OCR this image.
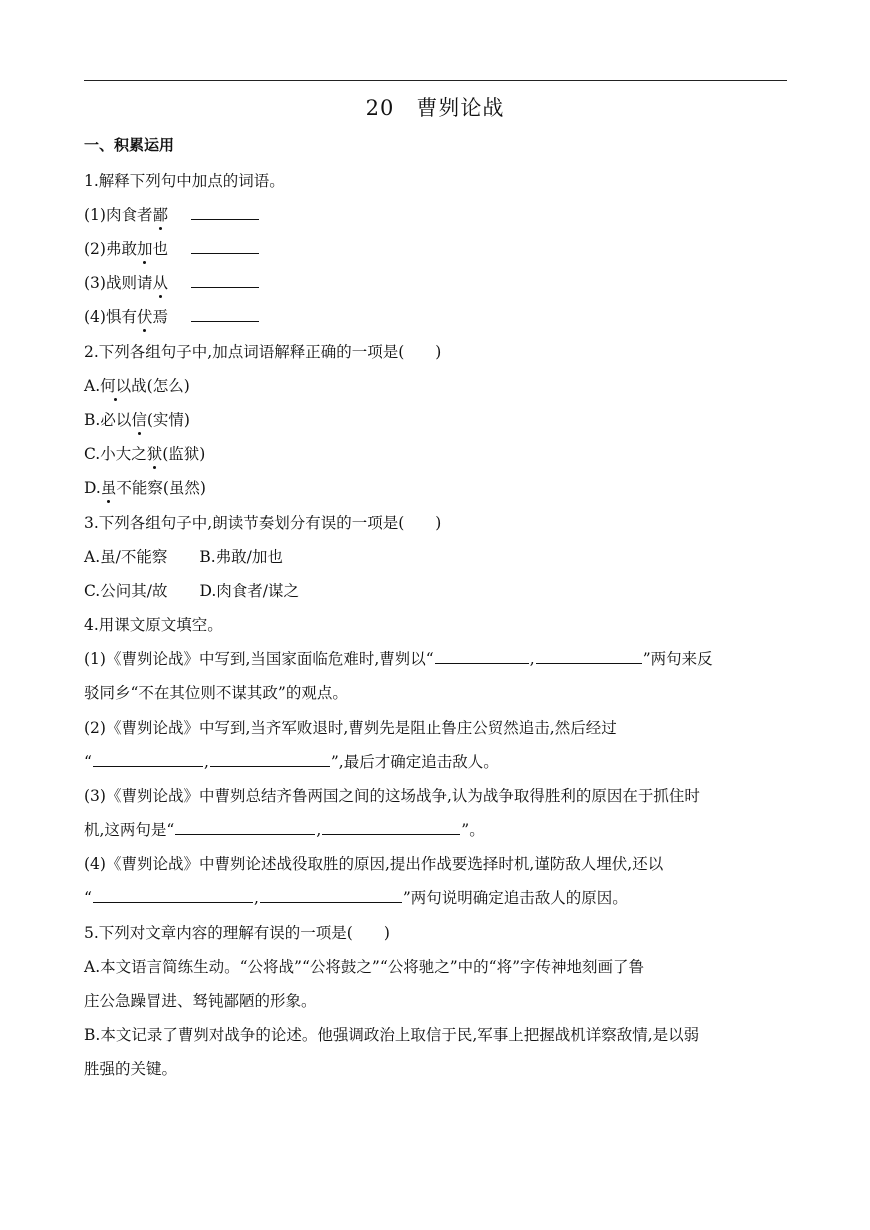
20　曹刿论战
一、积累运用
1.解释下列句中加点的词语。
(1)肉食者鄙
(2)弗敢加也
(3)战则请从
(4)惧有伏焉
2.下列各组句子中,加点词语解释正确的一项是(　　)
A.何以战(怎么)
B.必以信(实情)
C.小大之狱(监狱)
D.虽不能察(虽然)
3.下列各组句子中,朗读节奏划分有误的一项是(　　)
A.虽/不能察 B.弗敢/加也
C.公问其/故 D.肉食者/谋之
4.用课文原文填空。
(1)《曹刿论战》中写到,当国家面临危难时,曹刿以“	,	”两句来反
驳同乡“不在其位则不谋其政”的观点。
(2)《曹刿论战》中写到,当齐军败退时,曹刿先是阻止鲁庄公贸然追击,然后经过
“	,	”,最后才确定追击敌人。
(3)《曹刿论战》中曹刿总结齐鲁两国之间的这场战争,认为战争取得胜利的原因在于抓住时
机,这两句是“	,	”。
(4)《曹刿论战》中曹刿论述战役取胜的原因,提出作战要选择时机,谨防敌人埋伏,还以
“	,	”两句说明确定追击敌人的原因。
5.下列对文章内容的理解有误的一项是(　　)
A.本文语言简练生动。“公将战”“公将鼓之”“公将驰之”中的“将”字传神地刻画了鲁
庄公急躁冒进、驽钝鄙陋的形象。
B.本文记录了曹刿对战争的论述。他强调政治上取信于民,军事上把握战机详察敌情,是以弱
胜强的关键。
